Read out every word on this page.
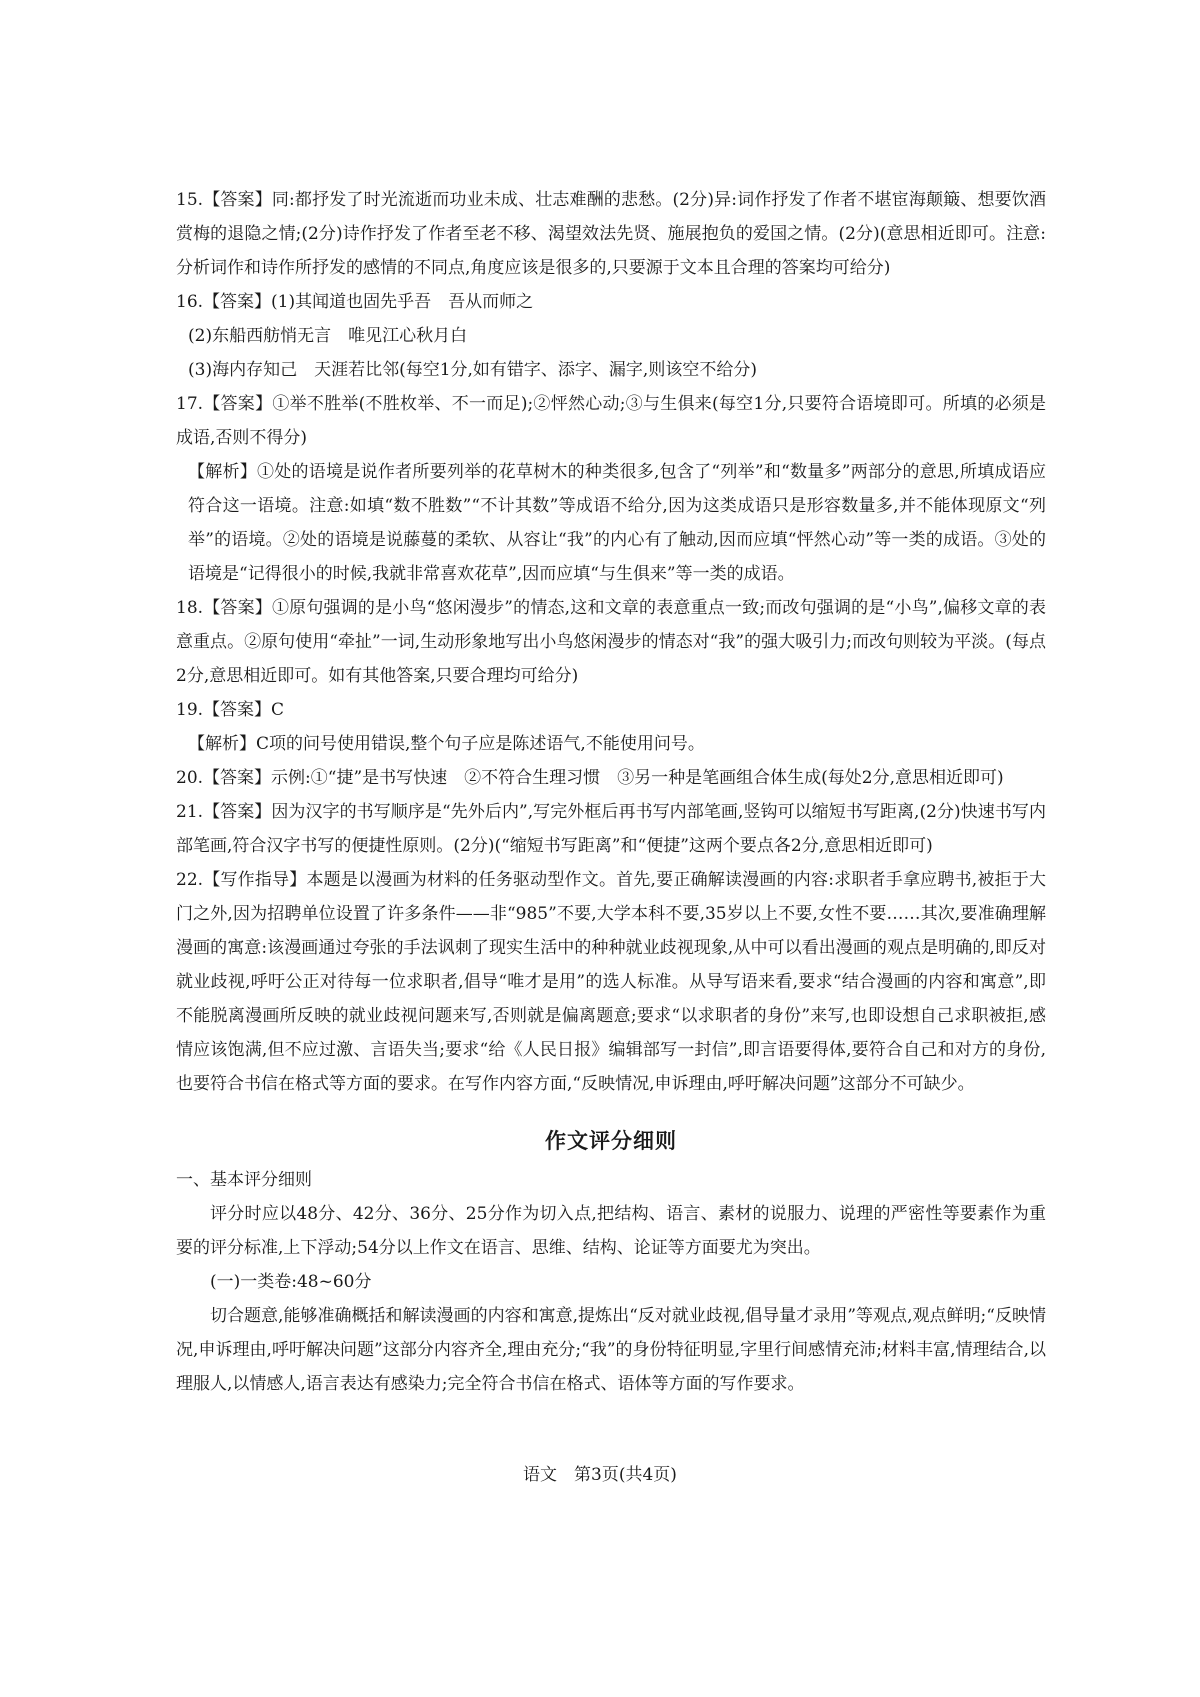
15.【答案】同:都抒发了时光流逝而功业未成、壮志难酬的悲愁。(2分)异:词作抒发了作者不堪宦海颠簸、想要饮酒赏梅的退隐之情;(2分)诗作抒发了作者至老不移、渴望效法先贤、施展抱负的爱国之情。(2分)(意思相近即可。注意:分析词作和诗作所抒发的感情的不同点,角度应该是很多的,只要源于文本且合理的答案均可给分)

16.【答案】(1)其闻道也固先乎吾　吾从而师之

(2)东船西舫悄无言　唯见江心秋月白

(3)海内存知己　天涯若比邻(每空1分,如有错字、添字、漏字,则该空不给分)

17.【答案】①举不胜举(不胜枚举、不一而足);②怦然心动;③与生俱来(每空1分,只要符合语境即可。所填的必须是成语,否则不得分)

【解析】①处的语境是说作者所要列举的花草树木的种类很多,包含了“列举”和“数量多”两部分的意思,所填成语应符合这一语境。注意:如填“数不胜数”“不计其数”等成语不给分,因为这类成语只是形容数量多,并不能体现原文“列举”的语境。②处的语境是说藤蔓的柔软、从容让“我”的内心有了触动,因而应填“怦然心动”等一类的成语。③处的语境是“记得很小的时候,我就非常喜欢花草”,因而应填“与生俱来”等一类的成语。

18.【答案】①原句强调的是小鸟“悠闲漫步”的情态,这和文章的表意重点一致;而改句强调的是“小鸟”,偏移文章的表意重点。②原句使用“牵扯”一词,生动形象地写出小鸟悠闲漫步的情态对“我”的强大吸引力;而改句则较为平淡。(每点2分,意思相近即可。如有其他答案,只要合理均可给分)

19.【答案】C

【解析】C项的问号使用错误,整个句子应是陈述语气,不能使用问号。

20.【答案】示例:①“捷”是书写快速　②不符合生理习惯　③另一种是笔画组合体生成(每处2分,意思相近即可)

21.【答案】因为汉字的书写顺序是“先外后内”,写完外框后再书写内部笔画,竖钩可以缩短书写距离,(2分)快速书写内部笔画,符合汉字书写的便捷性原则。(2分)(“缩短书写距离”和“便捷”这两个要点各2分,意思相近即可)

22.【写作指导】本题是以漫画为材料的任务驱动型作文。首先,要正确解读漫画的内容:求职者手拿应聘书,被拒于大门之外,因为招聘单位设置了许多条件——非“985”不要,大学本科不要,35岁以上不要,女性不要……其次,要准确理解漫画的寓意:该漫画通过夸张的手法讽刺了现实生活中的种种就业歧视现象,从中可以看出漫画的观点是明确的,即反对就业歧视,呼吁公正对待每一位求职者,倡导“唯才是用”的选人标准。从导写语来看,要求“结合漫画的内容和寓意”,即不能脱离漫画所反映的就业歧视问题来写,否则就是偏离题意;要求“以求职者的身份”来写,也即设想自己求职被拒,感情应该饱满,但不应过激、言语失当;要求“给《人民日报》编辑部写一封信”,即言语要得体,要符合自己和对方的身份,也要符合书信在格式等方面的要求。在写作内容方面,“反映情况,申诉理由,呼吁解决问题”这部分不可缺少。

作文评分细则

一、基本评分细则

评分时应以48分、42分、36分、25分作为切入点,把结构、语言、素材的说服力、说理的严密性等要素作为重要的评分标准,上下浮动;54分以上作文在语言、思维、结构、论证等方面要尤为突出。

(一)一类卷:48~60分

切合题意,能够准确概括和解读漫画的内容和寓意,提炼出“反对就业歧视,倡导量才录用”等观点,观点鲜明;“反映情况,申诉理由,呼吁解决问题”这部分内容齐全,理由充分;“我”的身份特征明显,字里行间感情充沛;材料丰富,情理结合,以理服人,以情感人,语言表达有感染力;完全符合书信在格式、语体等方面的写作要求。

语文　第3页(共4页)
